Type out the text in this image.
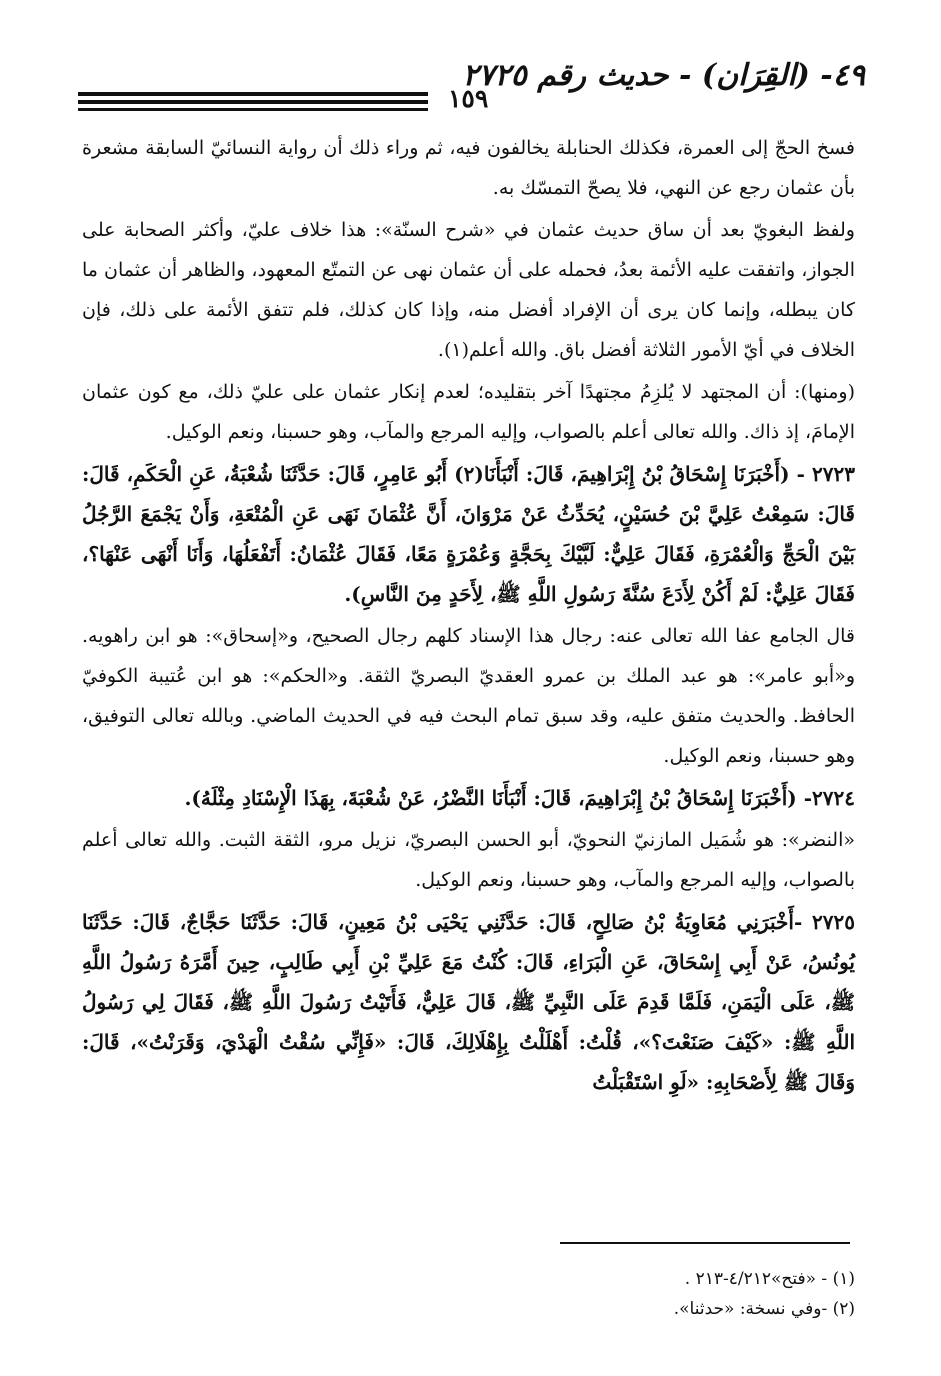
٤٩- (القِرَان) - حديث رقم ٢٧٢٥
١٥٩

فسخ الحجّ إلى العمرة، فكذلك الحنابلة يخالفون فيه، ثم وراء ذلك أن رواية النسائيّ السابقة مشعرة بأن عثمان رجع عن النهي، فلا يصحّ التمسّك به.

ولفظ البغويّ بعد أن ساق حديث عثمان في «شرح السنّة»: هذا خلاف عليّ، وأكثر الصحابة على الجواز، واتفقت عليه الأئمة بعدُ، فحمله على أن عثمان نهى عن التمتّع المعهود، والظاهر أن عثمان ما كان يبطله، وإنما كان يرى أن الإفراد أفضل منه، وإذا كان كذلك، فلم تتفق الأئمة على ذلك، فإن الخلاف في أيّ الأمور الثلاثة أفضل باق. والله أعلم(١).

(ومنها): أن المجتهد لا يُلزِمُ مجتهدًا آخر بتقليده؛ لعدم إنكار عثمان على عليّ ذلك، مع كون عثمان الإمامَ، إذ ذاك. والله تعالى أعلم بالصواب، وإليه المرجع والمآب، وهو حسبنا، ونعم الوكيل.

٢٧٢٣ - (أَخْبَرَنَا إِسْحَاقُ بْنُ إِبْرَاهِيمَ، قَالَ: أَنْبَأَنَا(٢) أَبُو عَامِرٍ، قَالَ: حَدَّثَنَا شُعْبَةُ، عَنِ الْحَكَمِ، قَالَ: قَالَ: سَمِعْتُ عَلِيَّ بْنَ حُسَيْنٍ، يُحَدِّثُ عَنْ مَرْوَانَ، أَنَّ عُثْمَانَ نَهَى عَنِ الْمُتْعَةِ، وَأَنْ يَجْمَعَ الرَّجُلُ بَيْنَ الْحَجِّ وَالْعُمْرَةِ، فَقَالَ عَلِيٌّ: لَبَّيْكَ بِحَجَّةٍ وَعُمْرَةٍ مَعًا، فَقَالَ عُثْمَانُ: أَتَفْعَلُهَا، وَأَنَا أَنْهَى عَنْهَا؟، فَقَالَ عَلِيٌّ: لَمْ أَكُنْ لِأَدَعَ سُنَّةَ رَسُولِ اللَّهِ ﷺ، لِأَحَدٍ مِنَ النَّاسِ).

قال الجامع عفا الله تعالى عنه: رجال هذا الإسناد كلهم رجال الصحيح، و«إسحاق»: هو ابن راهويه. و«أبو عامر»: هو عبد الملك بن عمرو العقديّ البصريّ الثقة. و«الحكم»: هو ابن عُتيبة الكوفيّ الحافظ. والحديث متفق عليه، وقد سبق تمام البحث فيه في الحديث الماضي. وبالله تعالى التوفيق، وهو حسبنا، ونعم الوكيل.

٢٧٢٤- (أَخْبَرَنَا إِسْحَاقُ بْنُ إِبْرَاهِيمَ، قَالَ: أَنْبَأَنَا النَّضْرُ، عَنْ شُعْبَةَ، بِهَذَا الْإِسْنَادِ مِثْلَهُ).

«النضر»: هو شُمَيل المازنيّ النحويّ، أبو الحسن البصريّ، نزيل مرو، الثقة الثبت. والله تعالى أعلم بالصواب، وإليه المرجع والمآب، وهو حسبنا، ونعم الوكيل.

٢٧٢٥ -أَخْبَرَنِي مُعَاوِيَةُ بْنُ صَالِحٍ، قَالَ: حَدَّثَنِي يَحْيَى بْنُ مَعِينٍ، قَالَ: حَدَّثَنَا حَجَّاجٌ، قَالَ: حَدَّثَنَا يُونُسُ، عَنْ أَبِي إِسْحَاقَ، عَنِ الْبَرَاءِ، قَالَ: كُنْتُ مَعَ عَلِيِّ بْنِ أَبِي طَالِبٍ، حِينَ أَمَّرَهُ رَسُولُ اللَّهِ ﷺ، عَلَى الْيَمَنِ، فَلَمَّا قَدِمَ عَلَى النَّبِيِّ ﷺ، قَالَ عَلِيٌّ، فَأَتَيْتُ رَسُولَ اللَّهِ ﷺ، فَقَالَ لِي رَسُولُ اللَّهِ ﷺ: «كَيْفَ صَنَعْتَ؟»، قُلْتُ: أَهْلَلْتُ بِإِهْلَالِكَ، قَالَ: «فَإِنِّي سُقْتُ الْهَدْيَ، وَقَرَنْتُ»، قَالَ: وَقَالَ ﷺ لِأَصْحَابِهِ: «لَوِ اسْتَقْبَلْتُ

(١) - «فتح»٤/٢١٢-٢١٣ .

(٢) -وفي نسخة: «حدثنا».
